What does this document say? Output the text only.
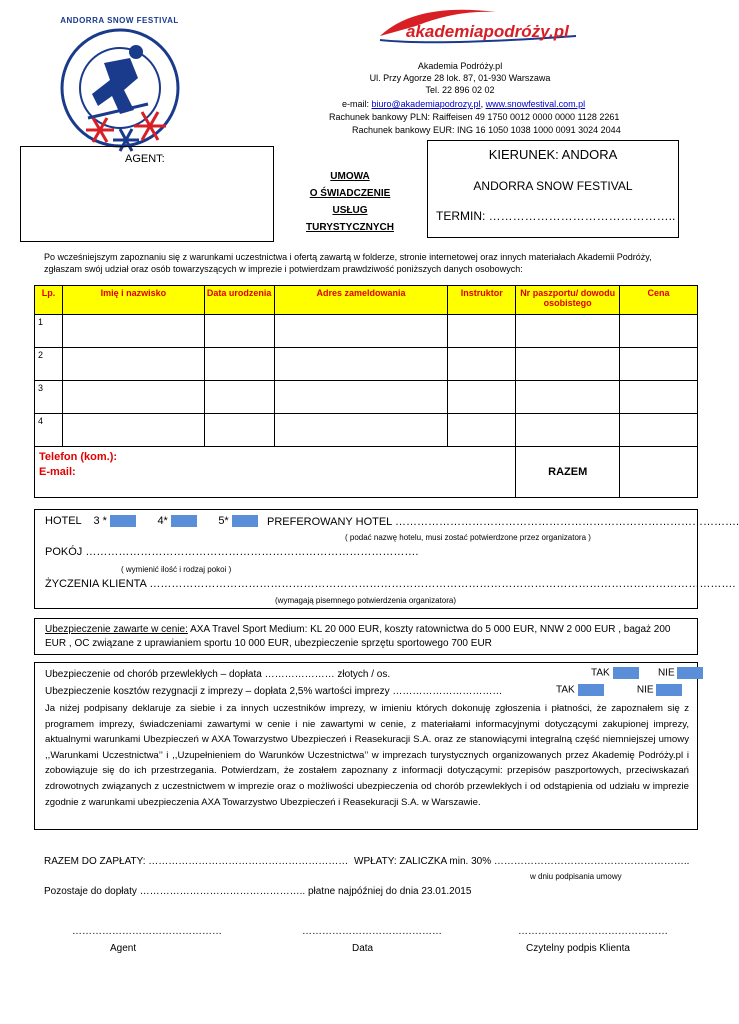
ANDORRA SNOW FESTIVAL
akademiapodróży.pl
Akademia Podróży.pl
Ul. Przy Agorze 28 lok. 87, 01-930 Warszawa
Tel. 22 896 02 02
e-mail: biuro@akademiapodrozy.pl, www.snowfestival.com.pl
Rachunek bankowy PLN: Raiffeisen 49 1750 0012 0000 0000 1128 2261
Rachunek bankowy EUR: ING 16 1050 1038 1000 0091 3024 2044
AGENT:
UMOWA
O ŚWIADCZENIE
USŁUG
TURYSTYCZNYCH
KIERUNEK: ANDORA
ANDORRA SNOW FESTIVAL
TERMIN: ………………………………………..
Po wcześniejszym zapoznaniu się z warunkami uczestnictwa i ofertą zawartą w folderze, stronie internetowej oraz innych materiałach Akademii Podróży, zgłaszam swój udział oraz osób towarzyszących w imprezie i potwierdzam prawdziwość poniższych danych osobowych:
Lp.	Imię i nazwisko	Data urodzenia	Adres zameldowania	Instruktor	Nr paszportu/ dowodu osobistego	Cena
1						
2						
3						
4						

Telefon (kom.):
E-mail:					RAZEM	
HOTEL 3 *	4*	5*	PREFEROWANY HOTEL ………………………………………………………………………………….
( podać nazwę hotelu, musi zostać potwierdzone przez organizatora )
POKÓJ ……………………………………………………………………………….
( wymienić ilość i rodzaj pokoi )
ŻYCZENIA KLIENTA …………………………………………………………………………………………………………………………………………….
(wymagają pisemnego potwierdzenia organizatora)
Ubezpieczenie zawarte w cenie: AXA Travel Sport Medium: KL 20 000 EUR, koszty ratownictwa do 5 000 EUR, NNW 2 000 EUR , bagaż 200 EUR , OC związane z uprawianiem sportu 10 000 EUR, ubezpieczenie sprzętu sportowego 700 EUR
Ubezpieczenie od chorób przewlekłych – dopłata ………………… złotych / os.	TAK	NIE
Ubezpieczenie kosztów rezygnacji z imprezy – dopłata 2,5% wartości imprezy ……………………………	TAK	NIE
Ja niżej podpisany deklaruje za siebie i za innych uczestników imprezy, w imieniu których dokonuję zgłoszenia i płatności, że zapoznałem się z programem imprezy, świadczeniami zawartymi w cenie i nie zawartymi w cenie, z materiałami informacyjnymi dotyczącymi zakupionej imprezy, aktualnymi warunkami Ubezpieczeń w AXA Towarzystwo Ubezpieczeń i Reasekuracji S.A. oraz ze stanowiącymi integralną część niemniejszej umowy ,,Warunkami Uczestnictwa’’ i ,,Uzupełnieniem do Warunków Uczestnictwa’’ w imprezach turystycznych organizowanych przez Akademię Podróży.pl i zobowiązuje się do ich przestrzegania. Potwierdzam, że zostałem zapoznany z informacji dotyczącymi: przepisów paszportowych, przeciwskazań zdrowotnych związanych z uczestnictwem w imprezie oraz o możliwości ubezpieczenia od chorób przewlekłych i od odstąpienia od udziału w imprezie zgodnie z warunkami ubezpieczenia AXA Towarzystwo Ubezpieczeń i Reasekuracji S.A. w Warszawie.
RAZEM DO ZAPŁATY: …………………………………………………… WPŁATY: ZALICZKA min. 30% …………………………………………………..
w dniu podpisania umowy
Pozostaje do dopłaty ………………………………………….. płatne najpóźniej do dnia 23.01.2015
………………………………………	……………………………………	………………………………………
Agent	Data	Czytelny podpis Klienta
